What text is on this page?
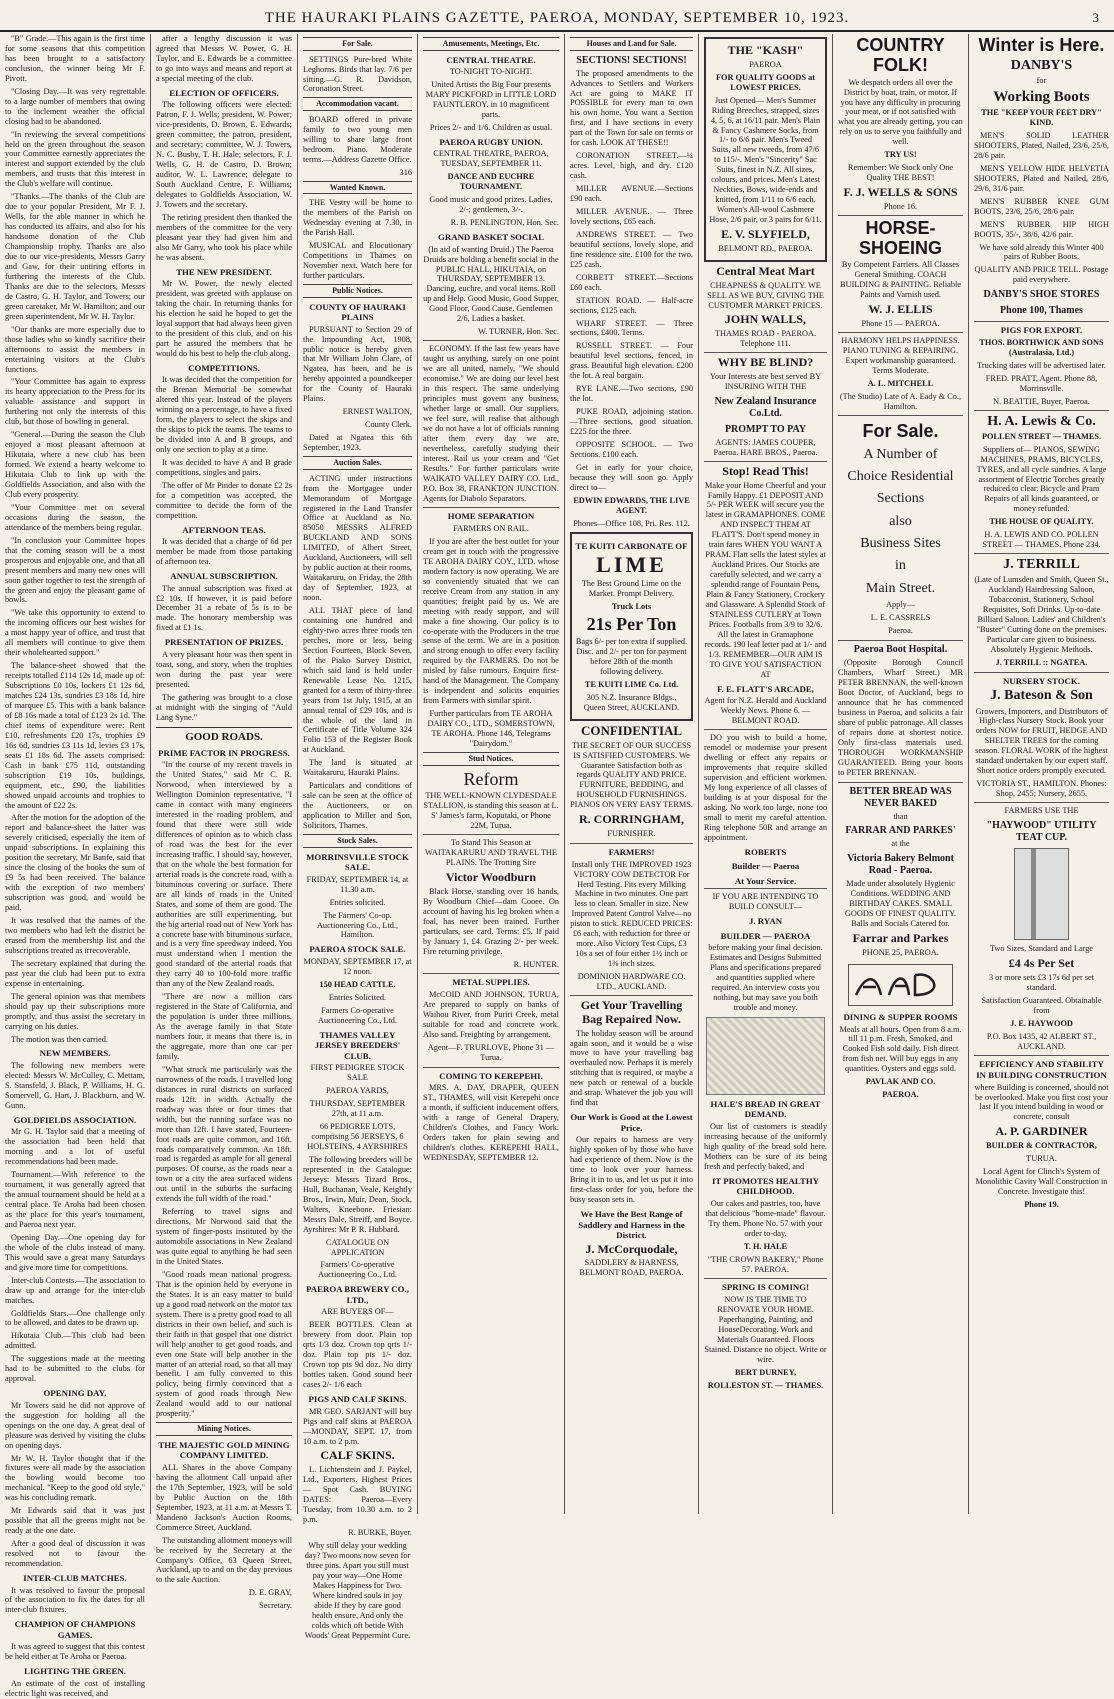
THE HAURAKI PLAINS GAZETTE, PAEROA, MONDAY, SEPTEMBER 10, 1923.	3

"B" Grade.—This again is the first time for some seasons that this competition has been brought to a satisfactory conclusion, the winner being Mr F. Pivott.

"Closing Day.—It was very regrettable to a large number of members that owing to the inclement weather the official closing had to be abandoned.

"In reviewing the several competitions held on the green throughout the season your Committee earnestly appreciates the interest and support extended by the club members, and trusts that this interest in the Club's welfare will continue.

"Thanks.—The thanks of the Club are due to your popular President, Mr F. J. Wells, for the able manner in which he has conducted its affairs, and also for his handsome donation of the Club Championship trophy. Thanks are also due to our vice-presidents, Messrs Garry and Gaw, for their untiring efforts in furthering the interests of the Club. Thanks are due to the selectors, Messrs de Castro, G. H. Taylor, and Towers; our green caretaker, Mr W. Hamilton; and our green superintendent, Mr W. H. Taylor.

"Our thanks are more especially due to those ladies who so kindly sacrifice their afternoons to assist the members in entertaining visitors at the Club's functions.

"Your Committee has again to express its hearty appreciation to the Press for its valuable assistance and support in furthering not only the interests of this club, but those of bowling in general.

"General.—During the season the Club enjoyed a most pleasant afternoon at Hikutaia, where a new club has been formed. We extend a hearty welcome to Hikutaia Club to link up with the Goldfields Association, and also with the Club every prosperity.

"Your Committee met on several occasions during the season, the attendance of the members being regular.

"In conclusion your Committee hopes that the coming season will be a most prosperous and enjoyable one, and that all present members and many new ones will soon gather together to test the strength of the green and enjoy the pleasant game of bowls.

"We take this opportunity to extend to the incoming officers our best wishes for a most happy year of office, and trust that all members will continue to give them their wholehearted support."

The balance-sheet showed that the receipts totalled £114 12s 1d, made up of: Subscriptions £0 10s, lockers £1 12s 6d, matches £24 13s, sundries £3 18s 1d, hire of marquee £5. This with a bank balance of £8 16s made a total of £123 2s 1d. The chief items of expenditure were: Rent £10, refreshments £20 17s, trophies £9 16s 6d, sundries £3 11s 1d, levies £3 17s, seats £1 18s 6d. The assets comprised: Cash in bank £75 11d, outstanding subscription £19 10s, buildings, equipment, etc., £90, the liabilities showed unpaid accounts and trophies to the amount of £22 2s.

After the motion for the adoption of the report and balance-sheet the latter was severely criticised, especially the item of unpaid subscriptions. In explaining this position the secretary, Mr Banfe, said that since the closing of the books the sum of £9 5s had been received. The balance with the exception of two members' subscription was good, and would be paid.

It was resolved that the names of the two members who had left the district be erased from the membership list and the subscriptions treated as irrecoverable.

The secretary explained that during the past year the club had been put to extra expense in entertaining.

The general opinion was that members should pay up their subscriptions more promptly, and thus assist the secretary in carrying on his duties.

The motion was then carried.

NEW MEMBERS.

The following new members were elected: Messrs W. McCulley, C. Mettam, S. Stansfeld, J. Black, P. Williams, H. G. Somervell, G. Hart, J. Blackburn, and W. Gunn.

GOLDFIELDS ASSOCIATION.

Mr G. H. Taylor said that a meeting of the association had been held that morning and a lot of useful recommendations had been made.

Tournament.—With reference to the tournament, it was generally agreed that the annual tournament should be held at a central place. Te Aroha had been chosen as the place for this year's tournament, and Paeroa next year.

Opening Day.—One opening day for the whole of the clubs instead of many. This would save a great many Saturdays and give more time for competitions.

Inter-club Contests.—The association to draw up and arrange for the inter-club matches.

Goldfields Stars.—One challenge only to be allowed, and dates to be drawn up.

Hikutaia Club.—This club had been admitted.

The suggestions made at the meeting had to be submitted to the clubs for approval.

OPENING DAY.

Mr Towers said he did not approve of the suggestion for holding all the openings on the one day. A great deal of pleasure was derived by visiting the clubs on opening days.

Mr W. H. Taylor thought that if the fixtures were all made by the association the bowling would become too mechanical. "Keep to the good old style," was his concluding remark.

Mr Edwards said that it was just possible that all the greens might not be ready at the one date.

After a good deal of discussion it was resolved not to favour the recommendation.

INTER-CLUB MATCHES.

It was resolved to favour the proposal of the association to fix the dates for all inter-club fixtures.

CHAMPION OF CHAMPIONS GAMES.

It was agreed to suggest that this contest be held either at Te Aroha or Paeroa.

LIGHTING THE GREEN.

An estimate of the cost of installing electric light was received, and

after a lengthy discussion it was agreed that Messrs W. Power, G. H. Taylor, and E. Edwards be a committee to go into ways and means and report at a special meeting of the club.

ELECTION OF OFFICERS.

The following officers were elected: Patron, F. J. Wells; president, W. Power; vice-presidents, D. Brown, E. Edwards; green committee, the patron, president, and secretary; committee, W. J. Towers, N. C. Busby, T. H. Hale; selectors, F. J. Wells, G. H. de Castro, D. Brown; auditor, W. L. Lawrence; delegate to South Auckland Centre, F. Williams; delegates to Goldfields Association, W. J. Towers and the secretary.

The retiring president then thanked the members of the committee for the very pleasant year they had given him and also Mr Garry, who took his place while he was absent.

THE NEW PRESIDENT.

Mr W. Power, the newly elected president, was greeted with applause on taking the chair. In returning thanks for his election he said he hoped to get the loyal support that had always been given to the president of this club, and on his part he assured the members that he would do his best to help the club along.

COMPETITIONS.

It was decided that the competition for the Brenan Memorial be somewhat altered this year. Instead of the players winning on a percentage, to have a fixed form, the players to select the skips and the skips to pick the teams. The teams to be divided into A and B groups, and only one section to play at a time.

It was decided to have A and B grade competitions, singles and pairs.

The offer of Mr Pinder to donate £2 2s for a competition was accepted, the committee to decide the form of the competition.

AFTERNOON TEAS.

It was decided that a charge of 6d per member be made from those partaking of afternoon tea.

ANNUAL SUBSCRIPTION.

The annual subscription was fixed at £2 10s. If however, it is paid before December 31 a rebate of 5s is to be made. The honorary membership was fixed at £1 1s.

PRESENTATION OF PRIZES.

A very pleasant hour was then spent in toast, song, and story, when the trophies won during the past year were presented.

The gathering was brought to a close at midnight with the singing of "Auld Lang Syne."

GOOD ROADS.
PRIME FACTOR IN PROGRESS.

"In the course of my recent travels in the United States," said Mr C. R. Norwood, when interviewed by a Wellington Dominion representative, "I came in contact with many engineers interested in the roading problem, and found that there were still wide differences of opinion as to which class of road was the best for the ever increasing traffic. I should say, however, that on the whole the best formation for arterial roads is the concrete road, with a bituminous covering or surface. There are all kinds of roads in the United States, and some of them are good. The authorities are still experimenting, but the big arterial road out of New York has a concrete base with bituminous surface, and is a very fine speedway indeed. You must understand when I mention the good standard of the arterial roads that they carry 40 to 100-fold more traffic than any of the New Zealand roads.

"There are now a million cars registered in the State of California, and the population is under three millions. As the average family in that State numbers four, it means that there is, in the aggregate, more than one car per family.

"What struck me particularly was the narrowness of the roads. I travelled long distances in rural districts on surfaced roads 12ft. in width. Actually the roadway was three or four times that width, but the running surface was no more than 12ft. I have stated, Fourteen-foot roads are quite common, and 16ft. roads comparatively common. An 18ft. road is regarded as ample for all general purposes. Of course, as the roads near a town or a city the area surfaced widens out until in the suburbs the surfacing extends the full width of the road."

Referring to travel signs and directions, Mr Norwood said that the system of finger-posts instituted by the automobile associations in New Zealand was quite equal to anything he had seen in the United States.

"Good roads mean national progress. That is the opinion held by everyone in the States. It is an easy matter to build up a good road network on the motor tax system. There is a pretty good road to all districts in their own belief, and such is their faith in that gospel that one district will help another to get good roads, and even one State will help another in the matter of an arterial road, so that all may benefit. I am fully converted to this policy, being firmly convinced that a system of good roads through New Zealand would add to our national prosperity."

Mining Notices.
THE MAJESTIC GOLD MINING COMPANY LIMITED.

ALL Shares in the above Company having the allotment Call unpaid after the 17th September, 1923, will be sold by Public Auction on the 18th September, 1923, at 11 a.m. at Messrs T. Mandeno Jackson's Auction Rooms, Commerce Street, Auckland.

The outstanding allotment moneys will be received by the Secretary at the Company's Office, 63 Queen Street, Auckland, up to and on the day previous to the sale Auction.

D. E. GRAY,

Secretary.

For Sale.

SETTINGS Pure-bred White Leghorns. Birds that lay. 7/6 per sitting.—G. R. Davidson, Coronation Street.

Accommodation vacant.

BOARD offered in private family to two young men willing to share large front bedroom. Piano. Moderate terms.—Address Gazette Office.

316

Wanted Known.

THE Vestry will be home to the members of the Parish on Wednesday evening at 7.30, in the Parish Hall.

MUSICAL and Elocutionary Competitions in Thames on November next. Watch here for further particulars.

Public Notices.
COUNTY OF HAURAKI PLAINS

PURSUANT to Section 29 of the Impounding Act, 1908, public notice is hereby given that Mr William John Clare, of Ngatea, has been, and he is hereby appointed a poundkeeper for the County of Hauraki Plains.

ERNEST WALTON,

County Clerk.

Dated at Ngatea this 6th September, 1923.

Auction Sales.

ACTING under instructions from the Mortgagee under Memorandum of Mortgage registered in the Land Transfer Office at Auckland as No. 85050 MESSRS ALFRED BUCKLAND AND SONS LIMITED, of Albert Street, Auckland, Auctioneers, will sell by public auction at their rooms, Waitakaruru, on Friday, the 28th day of September, 1923, at noon.

ALL THAT piece of land containing one hundred and eighty-two acres three roods ten perches, more or less, being Section Fourteen, Block Seven, of the Piako Survey District, which said land is held under Renewable Lease No. 1215, granted for a term of thirty-three years from 1st July, 1915, at an annual rental of £29 10s, and is the whole of the land in Certificate of Title Volume 324 Folio 153 of the Register Book at Auckland.

The land is situated at Waitakaruru, Hauraki Plains.

Particulars and conditions of sale can be seen at the office of the Auctioneers, or on application to Miller and Son, Solicitors, Thames.

Stock Sales.
MORRINSVILLE STOCK SALE.

FRIDAY, SEPTEMBER 14, at 11.30 a.m.

Entries solicited.

The Farmers' Co-op. Auctioneering Co., Ltd., Hamilton.

PAEROA STOCK SALE.

MONDAY, SEPTEMBER 17, at 12 noon.

150 HEAD CATTLE.

Entries Solicited.

Farmers Co-operative Auctioneering Co., Ltd.

THAMES VALLEY JERSEY BREEDERS' CLUB.

FIRST PEDIGREE STOCK SALE

PAEROA YARDS,

THURSDAY, SEPTEMBER 27th, at 11 a.m.

66 PEDIGREE LOTS, comprising 56 JERSEYS, 6 HOLSTEINS, 4 AYRSHIRES

The following breeders will be represented in the Catalogue: Jerseys: Messrs Tizard Bros., Hull, Buchanan, Veale, Keightly Bros., Irwin, Muir, Dean, Stock, Walters, Kneebone. Friesian: Messrs Dale, Streiff, and Boyce. Ayrshires: Mr P. R. Hubbard.

CATALOGUE ON APPLICATION

Farmers' Co-operative Auctioneering Co., Ltd.

PAEROA BREWERY CO., LTD.,

ARE BUYERS OF—

BEER BOTTLES. Clean at brewery from door. Plain top qrts 1/3 doz. Crown top qrts 1/- doz. Plain top pts 1/- doz. Crown top pts 9d doz. No dirty bottles taken. Good sound beer cases 2/- 1/6 each

PIGS AND CALF SKINS.

MR GEO. SARJANT will buy Pigs and calf skins at PAEROA—MONDAY, SEPT. 17, from 10 a.m. to 2 p.m.

CALF SKINS.

L. Lichtenstein and J. Paykel, Ltd., Exporters. Highest Prices — Spot Cash. BUYING DATES: Paeroa—Every Tuesday, from 10.30 a.m. to 2 p.m.

R. BURKE, Buyer.

Why still delay your wedding day? Two moons now seven for three pins. Apart you still must pay your way—One Home Makes Happiness for Two. Where kindred souls in joy abide If they by care good health ensure, And only the colds which oft betide With Woods' Great Peppermint Cure.

Amusements, Meetings, Etc.
CENTRAL THEATRE.

TO-NIGHT TO-NIGHT.

United Artists the Big Four presents MARY PICKFORD in LITTLE LORD FAUNTLEROY. in 10 magnificent parts.

Prices 2/- and 1/6. Children as usual.

PAEROA RUGBY UNION.

CENTRAL THEATRE, PAEROA, TUESDAY, SEPTEMBER 11.

DANCE AND EUCHRE TOURNAMENT.

Good music and good prizes. Ladies, 2/-; gentlemen, 3/-.

R. B. PENLINGTON, Hon. Sec.

GRAND BASKET SOCIAL

(In aid of wanting Druid.) The Paeroa Druids are holding a benefit social in the PUBLIC HALL, HIKUTAIA, on THURSDAY, SEPTEMBER 13. Dancing, euchre, and vocal items. Roll up and Help. Good Music, Good Supper, Good Floor, Good Cause. Gentlemen 2/6, Ladies a basket.

W. TURNER, Hon. Sec.

ECONOMY. If the last few years have taught us anything, surely on one point we are all united, namely, "We should economise." We are doing our level best in this respect. The same underlying principles must govern any business, whether large or small. Our suppliers, we feel sure, will realise that although we do not have a lot of officials running after them every day we are, nevertheless, carefully studying their interest. Rail us your cream and "Get Results." For further particulars write WAIKATO VALLEY DAIRY CO. Ltd., P.O. Box 38, FRANKTON JUNCTION. Agents for Diabolo Separators.

HOME SEPARATION

FARMERS ON RAIL.

If you are after the best outlet for your cream get in touch with the progressive TE AROHA DAIRY COY., LTD. whose modern factory is now operating. We are so conveniently situated that we can receive Cream from any station in any quantities; freight paid by us. We are meeting with ready support, and will make a fine showing. Our policy is to co-operate with the Producers in the true sense of the term. We are in a position and strong enough to offer every facility required by the FARMERS. Do not be misled by false rumours. Enquire first-hand of the Management. The Company is independent and solicits enquiries from Farmers with similar spirit.

Further particulars from TE AROHA DAIRY CO., LTD., SOMERSTOWN, TE AROHA. Phone 146, Telegrams "Dairydom."

Stud Notices.
Reform

THE WELL-KNOWN CLYDESDALE STALLION, is standing this season at L. S' James's farm, Koputaki, or Phone 22M, Turua.

To Stand This Season at WAITAKARURU AND TRAVEL THE PLAINS. The Trotting Sire

Victor Woodburn

Black Horse, standing over 16 hands, By Woodburn Chief—dam Cooee. On account of having his leg broken when a foal, has never been trained. Further particulars, see card. Terms: £5. If paid by January 1, £4. Grazing 2/- per week. Fire returning privilege.

R. HUNTER.

METAL SUPPLIES.

McCOID AND JOHNSON, TURUA, Are prepared to supply on banks of Waihou River, from Puriri Creek, metal suitable for road and concrete work. Also sand. Freighting by arrangement.

Agent—F. TRURLOVE, Phone 31 — Turua.

COMING TO KEREPEHI.

MRS. A. DAY, DRAPER, QUEEN ST., THAMES, will visit Kerepehi once a month, if sufficient inducement offers, with a range of General Drapery, Children's Clothes, and Fancy Work. Orders taken for plain sewing and children's clothes. KEREPEHI HALL, WEDNESDAY, SEPTEMBER 12.

Houses and Land for Sale.
SECTIONS! SECTIONS!

The proposed amendments to the Advances to Settlers and Workers Act are going to MAKE IT POSSIBLE for every man to own his own home. You want a Section first, and I have sections in every part of the Town for sale on terms or for cash. LOOK AT THESE!!

CORONATION STREET.—¼ acres. Level, high, and dry. £120 cash.

MILLER AVENUE.—Sections £90 each.

MILLER AVENUE. — Three lovely sections, £65 each.

ANDREWS STREET. — Two beautiful sections, lovely slope, and fine residence site. £100 for the two. £25 cash.

CORBETT STREET.—Sections £60 each.

STATION ROAD. — Half-acre sections, £125 each.

WHARF STREET. — Three sections, £400. Terms.

RUSSELL STREET. — Four beautiful level sections, fenced, in grass. Beautiful high elevation. £200 the lot. A real bargain.

RYE LANE.—Two sections, £90 the lot.

PUKE ROAD, adjoining station.—Three sections, good situation. £225 for the three.

OPPOSITE SCHOOL. — Two Sections. £100 each.

Get in early for your choice, because they will soon go. Apply direct to—

EDWIN EDWARDS, THE LIVE AGENT.

Phones—Office 108, Pri. Res. 112.

TE KUITI CARBONATE OF
LIME

The Best Ground Lime on the Market. Prompt Delivery.

Truck Lots

21s Per Ton

Bags 6/- per ton extra if supplied. Disc. and 2/- per ton for payment before 28th of the month following delivery.

TE KUITI LIME Co. Ltd.

305 N.Z. Insurance Bldgs., Queen Street, AUCKLAND.

CONFIDENTIAL

THE SECRET OF OUR SUCCESS IS SATISFIED CUSTOMERS. We Guarantee Satisfaction both as regards QUALITY AND PRICE. FURNITURE, BEDDING, and HOUSEHOLD FURNISHINGS. PIANOS ON VERY EASY TERMS.

R. CORRINGHAM,

FURNISHER.

FARMERS!

Install only THE IMPROVED 1923 VICTORY COW DETECTOR For Herd Testing. Fits every Milking Machine in two minutes. One part less to clean. Smaller in size. New Improved Patent Control Valve—no piston to stick. REDUCED PRICES: £6 each, with reduction for three or more. Also Victory Test Cups, £3 10s a set of four either 1½ inch or 1⅜ inch sizes.

DOMINION HARDWARE CO. LTD., AUCKLAND.

Get Your Travelling Bag Repaired Now.

The holiday season will be around again soon, and it would be a wise move to have your travelling bag overhauled now. Perhaps it is merely stitching that is required, or maybe a new patch or renewal of a buckle and strap. Whatever the job you will find that

Our Work is Good at the Lowest Price.

Our repairs to harness are very highly spoken of by those who have had experience of them. Now is the time to look over your harness. Bring it in to us, and let us put it into first-class order for you, before the busy season sets in.

We Have the Best Range of Saddlery and Harness in the District.
J. McCorquodale,

SADDLERY & HARNESS, BELMONT ROAD, PAEROA.

THE "KASH"

PAEROA

FOR QUALITY GOODS at LOWEST PRICES.

Just Opened— Men's Summer Riding Breeches, strapped, sizes 4, 5, 6, at 16/11 pair. Men's Plain & Fancy Cashmere Socks, from 1/- to 6/6 pair. Men's Tweed Suits, all new tweeds, from 47/6 to 115/-. Men's "Sincerity" Sac Suits, finest in N.Z. All sizes, colours, and prices. Men's Latest Neckties, Bows, wide-ends and knitted, from 1/11 to 6/6 each. Women's All-wool Cashmere Hose, 2/6 pair, or 3 pairs for 6/11.

E. V. SLYFIELD,

BELMONT RD., PAEROA.

Central Meat Mart

CHEAPNESS & QUALITY. WE SELL AS WE BUY, GIVING THE CUSTOMER MARKET PRICES.

JOHN WALLS,

THAMES ROAD - PAEROA. Telephone 111.

WHY BE BLIND?

Your Interests are best served BY INSURING WITH THE

New Zealand Insurance Co.Ltd.
PROMPT TO PAY

AGENTS: JAMES COUPER, Paeroa. HARE BROS., Paeroa.

Stop! Read This!

Make your Home Cheerful and your Family Happy. £1 DEPOSIT AND 5/- PER WEEK will secure you the latest in GRAMAPHONES. COME AND INSPECT THEM AT FLATT'S. Don't spend money in train fares WHEN YOU WANT A PRAM. Flatt sells the latest styles at Auckland Prices. Our Stocks are carefully selected, and we carry a splendid range of Fountain Pens, Plain & Fancy Stationery, Crockery and Glassware. A Splendid Stock of STAINLESS CUTLERY at Town Prices. Footballs from 3/9 to 32/6. All the latest in Gramaphone records. 190 leaf letter pad at 1/- and 1/3. REMEMBER—OUR AIM IS TO GIVE YOU SATISFACTION AT

F. E. FLATT'S ARCADE,

Agent for N.Z. Herald and Auckland Weekly News. Phone 6. — BELMONT ROAD.

DO you wish to build a home, remodel or modernise your present dwelling or effect any repairs or improvements that require skilled supervision and efficient workmen. My long experience of all classes of building is at your disposal for the asking. No work too large, none too small to merit my careful attention. Ring telephone 50R and arrange an appointment.

ROBERTS
Builder — Paeroa
At Your Service.

IF YOU ARE INTENDING TO BUILD CONSULT—

J. RYAN
BUILDER — PAEROA

before making your final decision. Estimates and Designs Submitted Plans and specifications prepared and quantities supplied where required. An interview costs you nothing, but may save you both trouble and money.

HALE'S BREAD IN GREAT DEMAND.

Our list of customers is steadily increasing because of the uniformly high quality of the bread sold here. Mothers can be sure of its being fresh and perfectly baked, and

IT PROMOTES HEALTHY CHILDHOOD.

Our cakes and pastries, too, have that delicious "home-made" flavour. Try them. Phone No. 57 with your order to-day.

T. H. HALE

"THE CROWN BAKERY," Phone 57. PAEROA.

SPRING IS COMING!

NOW IS THE TIME TO RENOVATE YOUR HOME. Paperhanging, Painting, and HouseDecorating. Work and Materials Guaranteed. Floors Stained. Distance no object. Write or wire.

BERT DURNEY,

ROLLESTON ST. — THAMES.

COUNTRY FOLK!

We despatch orders all over the District by boat, train, or motor. If you have any difficulty in procuring your meat, or if not satisfied with what you are already getting, you can rely on us to serve you faithfully and well.

TRY US!

Remember: We Stock only One Quality THE BEST!

F. J. WELLS & SONS

Phone 16.

HORSE-SHOEING

By Competent Farriers. All Classes General Smithing. COACH BUILDING & PAINTING. Reliable Paints and Varnish used.

W. J. ELLIS

Phone 15 — PAEROA.

HARMONY HELPS HAPPINESS. PIANO TUNING & REPAIRING. Expert workmanship guaranteed. Terms Moderate.

A. L. MITCHELL

(The Studio) Late of A. Eady & Co., Hamilton.

For Sale.
A Number of
Choice Residential
Sections
also
Business Sites
in
Main Street.

Apply—

L. E. CASSRELS

Paeroa.

Paeroa Boot Hospital.

(Opposite Borough Council Chambers, Wharf Street.) MR PETER BRENNAN, the well-known Boot Doctor, of Auckland, begs to announce that he has commenced business in Paeroa, and solicits a fair share of public patronage. All classes of repairs done at shortest notice. Only first-class materials used. THOROUGH WORKMANSHIP GUARANTEED. Bring your hoots to PETER BRENNAN.

BETTER BREAD WAS NEVER BAKED

than

FARRAR AND PARKES'

at the

Victoria Bakery Belmont Road - Paeroa.

Made under absolutely Hygienic Conditions. WEDDING AND BIRTHDAY CAKES. SMALL GOODS OF FINEST QUALITY. Balls and Socials Catered for.

Farrar and Parkes

PHONE 25, PAEROA.

DINING & SUPPER ROOMS

Meals at all hours. Open from 8 a.m. till 11 p.m. Fresh, Smoked, and Cooked Fish sold daily. Fish direct from fish net. Will buy eggs in any quantities. Oysters and eggs sold.

PAVLAK AND CO.

PAEROA.

Winter is Here.
DANBY'S

for

Working Boots

THE "KEEP YOUR FEET DRY" KIND.

MEN'S SOLID LEATHER SHOOTERS, Plated, Nailed, 23/6, 25/6, 28/6 pair.

MEN'S YELLOW HIDE HELVETIA SHOOTERS, Plated and Nailed, 28/6, 29/6, 31/6 pair.

MEN'S RUBBER KNEE GUM BOOTS, 23/6, 25/6, 28/6 pair.

MEN'S RUBBER HIP HIGH BOOTS, 35/-, 38/6, 42/6 pair.

We have sold already this Winter 400 pairs of Rubber Boots.

QUALITY AND PRICE TELL. Postage paid everywhere.

DANBY'S SHOE STORES
Phone 100, Thames
PIGS FOR EXPORT.

THOS. BORTHWICK AND SONS (Australasia, Ltd.)

Trucking dates will be advertised later.

FRED. PRATT, Agent. Phone 88, Morrinsville.

N. BEATTIE, Buyer, Paeroa.

H. A. Lewis & Co.

POLLEN STREET — THAMES.

Suppliers of— PIANOS, SEWING MACHINES, PRAMS, BICYCLES, TYRES, and all cycle sundries. A large assortment of Electric Torches greatly reduced to clear. Bicycle and Pram Repairs of all kinds guaranteed, or money refunded.

THE HOUSE OF QUALITY.

H. A. LEWIS AND CO. POLLEN STREET — THAMES. Phone 234.

J. TERRILL

(Late of Lumsden and Smith, Queen St., Auckland) Hairdressing Saloon, Tobacconist, Stationery, School Requisites, Soft Drinks. Up-to-date Billiard Saloon. Ladies' and Children's "Buster" Cutting done on the premises. Particular care given to business. Absolutely Hygienic Methods.

J. TERRILL :: NGATEA.

NURSERY STOCK.
J. Bateson & Son

Growers, Importers, and Distributors of High-class Nursery Stock. Book your orders NOW for FRUIT, HEDGE AND SHELTER TREES for the coming season. FLORAL WORK of the highest standard undertaken by our expert staff. Short notice orders promptly executed.

VICTORIA ST., HAMILTON. Phones: Shop, 2455; Nursery, 2655.

FARMERS USE THE

"HAYWOOD" UTILITY TEAT CUP.

Two Sizes, Standard and Large

£4 4s Per Set

3 or more sets £3 17s 6d per set standard.

Satisfaction Guaranteed. Obtainable from

J. E. HAYWOOD

P.O. Box 1435, 42 ALBERT ST., AUCKLAND.

EFFICIENCY AND STABILITY IN BUILDING CONSTRUCTION

where Building is concerned, should not be overlooked. Make you first cost your last If you intend building in wood or concrete, consult

A. P. GARDINER

BUILDER & CONTRACTOR,

TURUA.

Local Agent for Clinch's System of Monolithic Cavity Wall Construction in Concrete. Investigate this!

Phone 19.
